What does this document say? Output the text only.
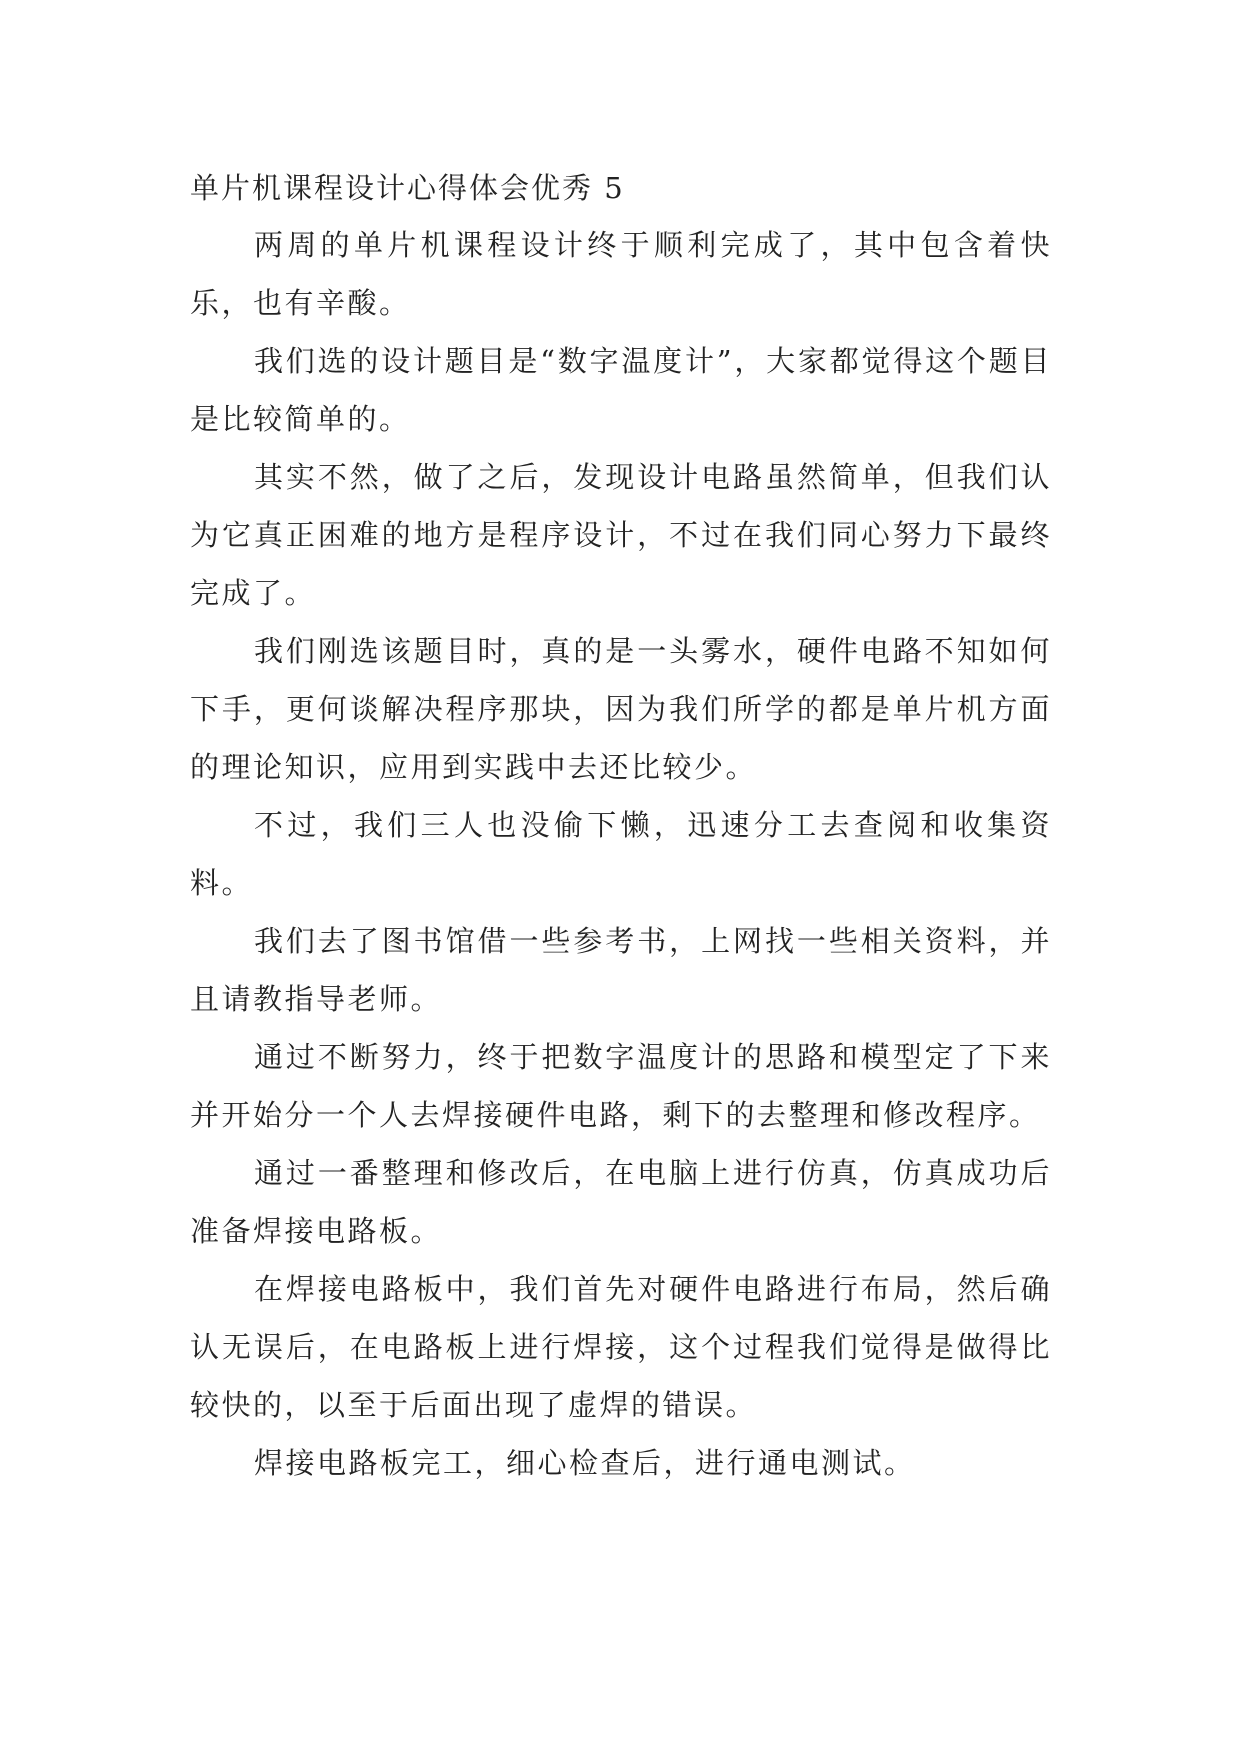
单片机课程设计心得体会优秀 5

两周的单片机课程设计终于顺利完成了，其中包含着快乐，也有辛酸。

我们选的设计题目是“数字温度计”，大家都觉得这个题目是比较简单的。

其实不然，做了之后，发现设计电路虽然简单，但我们认为它真正困难的地方是程序设计，不过在我们同心努力下最终完成了。

我们刚选该题目时，真的是一头雾水，硬件电路不知如何下手，更何谈解决程序那块，因为我们所学的都是单片机方面的理论知识，应用到实践中去还比较少。

不过，我们三人也没偷下懒，迅速分工去查阅和收集资料。

我们去了图书馆借一些参考书，上网找一些相关资料，并且请教指导老师。

通过不断努力，终于把数字温度计的思路和模型定了下来并开始分一个人去焊接硬件电路，剩下的去整理和修改程序。

通过一番整理和修改后，在电脑上进行仿真，仿真成功后准备焊接电路板。

在焊接电路板中，我们首先对硬件电路进行布局，然后确认无误后，在电路板上进行焊接，这个过程我们觉得是做得比较快的，以至于后面出现了虚焊的错误。

焊接电路板完工，细心检查后，进行通电测试。
